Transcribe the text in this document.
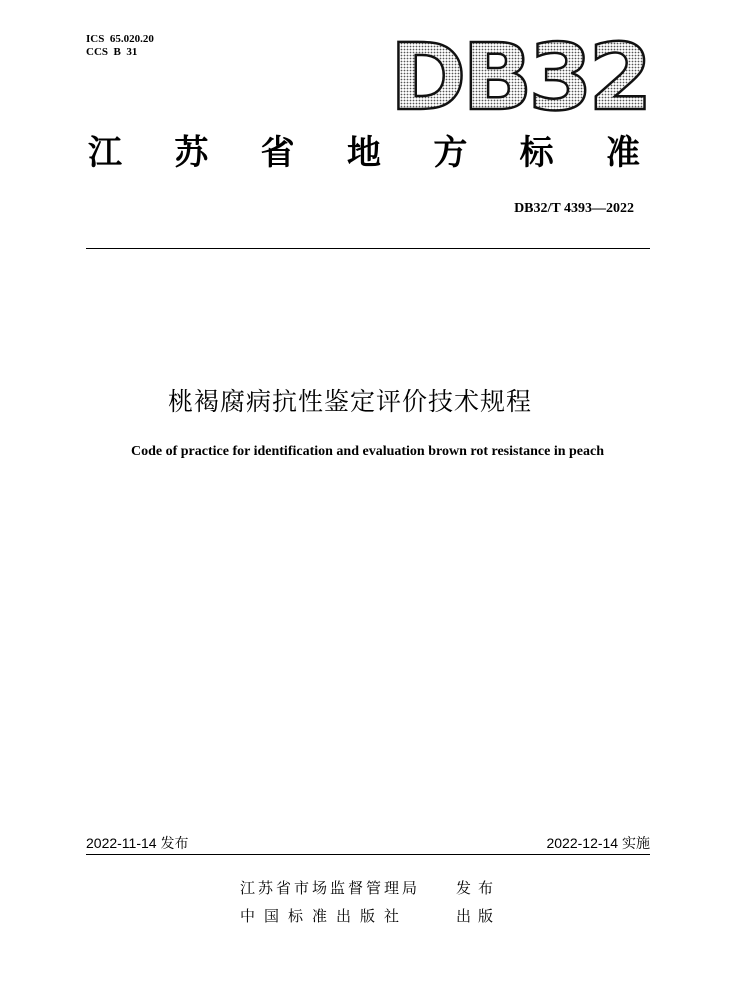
ICS  65.020.20
CCS  B  31	DB32
江 苏 省 地 方 标 准
DB32/T 4393—2022
桃褐腐病抗性鉴定评价技术规程
Code of practice for identification and evaluation brown rot resistance in peach
2022-11-14 发布	2022-12-14 实施
江苏省市场监督管理局 发布
中国标准出版社	出版
